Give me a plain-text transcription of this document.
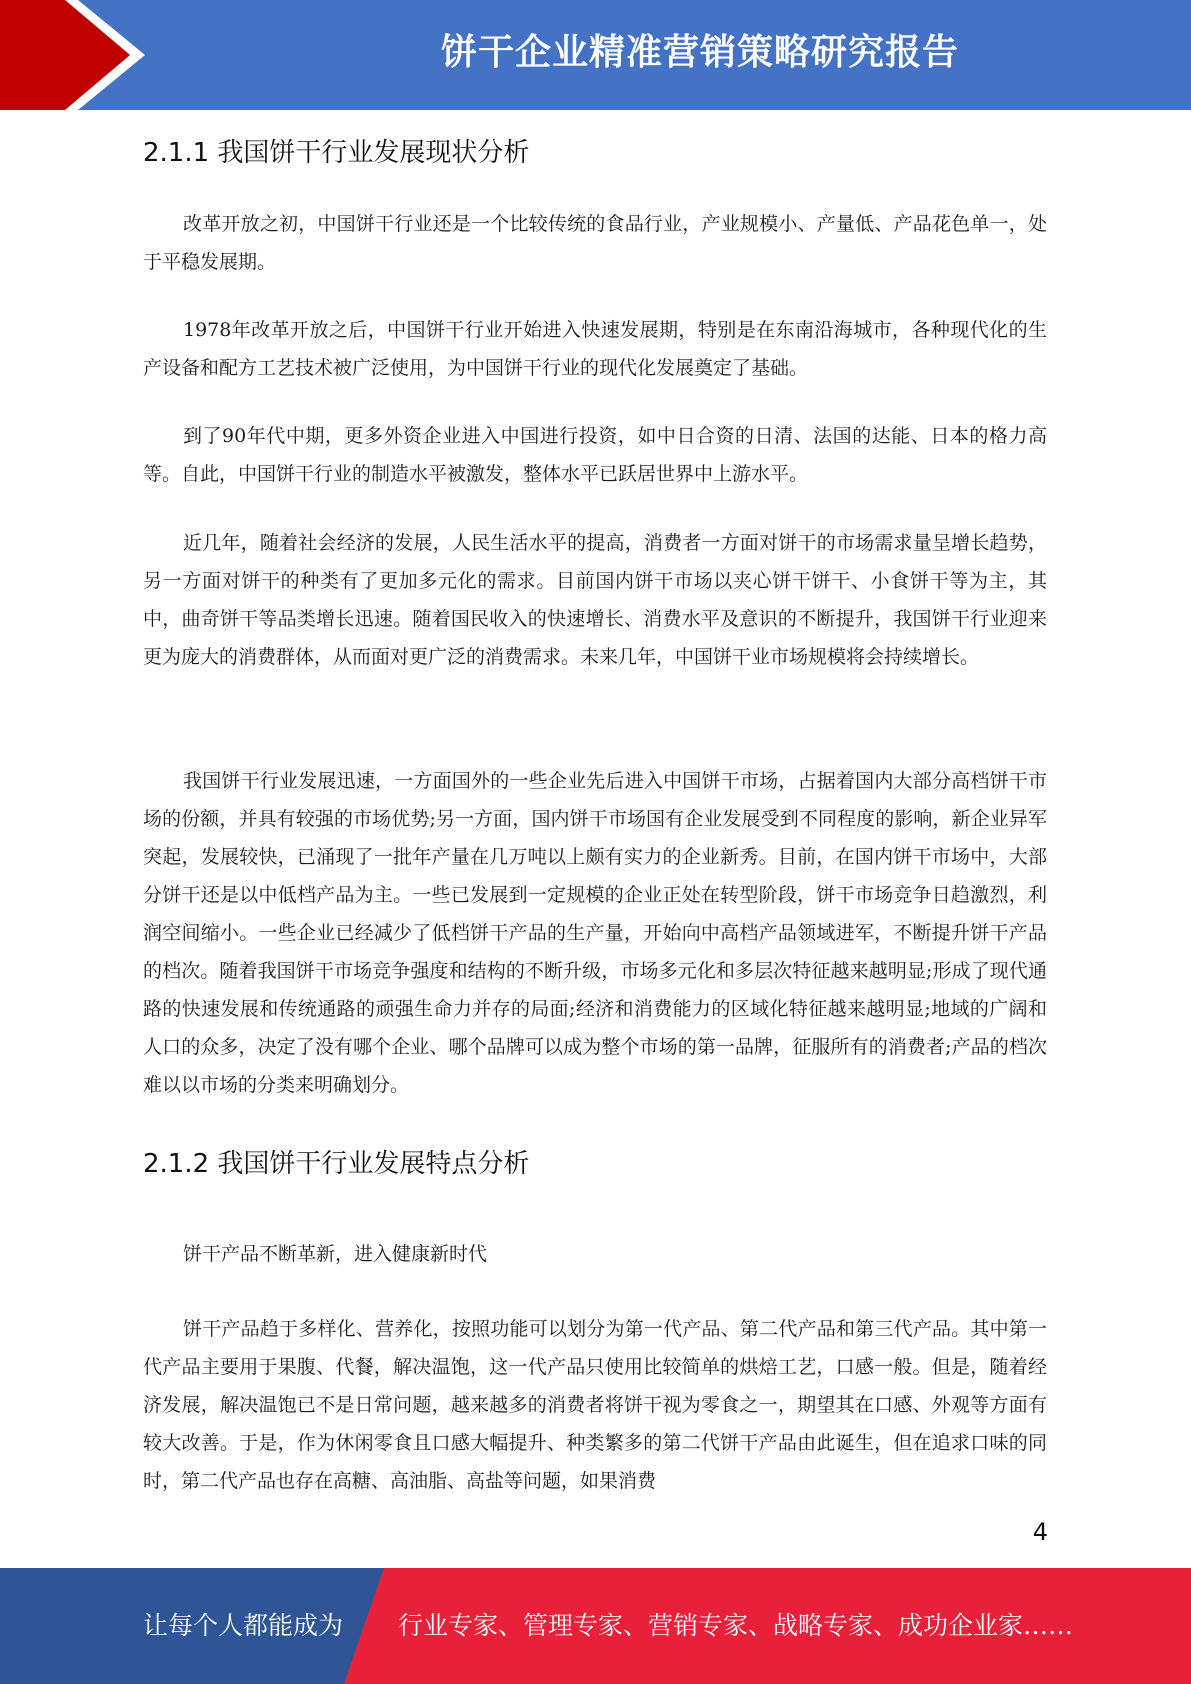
饼干企业精准营销策略研究报告
2.1.1 我国饼干行业发展现状分析

改革开放之初，中国饼干行业还是一个比较传统的食品行业，产业规模小、产量低、产品花色单一，处于平稳发展期。

1978年改革开放之后，中国饼干行业开始进入快速发展期，特别是在东南沿海城市，各种现代化的生产设备和配方工艺技术被广泛使用，为中国饼干行业的现代化发展奠定了基础。

到了90年代中期，更多外资企业进入中国进行投资，如中日合资的日清、法国的达能、日本的格力高等。自此，中国饼干行业的制造水平被激发，整体水平已跃居世界中上游水平。

近几年，随着社会经济的发展，人民生活水平的提高，消费者一方面对饼干的市场需求量呈增长趋势，另一方面对饼干的种类有了更加多元化的需求。目前国内饼干市场以夹心饼干饼干、小食饼干等为主，其中，曲奇饼干等品类增长迅速。随着国民收入的快速增长、消费水平及意识的不断提升，我国饼干行业迎来更为庞大的消费群体，从而面对更广泛的消费需求。未来几年，中国饼干业市场规模将会持续增长。

我国饼干行业发展迅速，一方面国外的一些企业先后进入中国饼干市场，占据着国内大部分高档饼干市场的份额，并具有较强的市场优势;另一方面，国内饼干市场国有企业发展受到不同程度的影响，新企业异军突起，发展较快，已涌现了一批年产量在几万吨以上颇有实力的企业新秀。目前，在国内饼干市场中，大部分饼干还是以中低档产品为主。一些已发展到一定规模的企业正处在转型阶段，饼干市场竞争日趋激烈，利润空间缩小。一些企业已经减少了低档饼干产品的生产量，开始向中高档产品领域进军，不断提升饼干产品的档次。随着我国饼干市场竞争强度和结构的不断升级，市场多元化和多层次特征越来越明显;形成了现代通路的快速发展和传统通路的顽强生命力并存的局面;经济和消费能力的区域化特征越来越明显;地域的广阔和人口的众多，决定了没有哪个企业、哪个品牌可以成为整个市场的第一品牌，征服所有的消费者;产品的档次难以以市场的分类来明确划分。

2.1.2 我国饼干行业发展特点分析

饼干产品不断革新，进入健康新时代

饼干产品趋于多样化、营养化，按照功能可以划分为第一代产品、第二代产品和第三代产品。其中第一代产品主要用于果腹、代餐，解决温饱，这一代产品只使用比较简单的烘焙工艺，口感一般。但是，随着经济发展，解决温饱已不是日常问题，越来越多的消费者将饼干视为零食之一，期望其在口感、外观等方面有较大改善。于是，作为休闲零食且口感大幅提升、种类繁多的第二代饼干产品由此诞生，但在追求口味的同时，第二代产品也存在高糖、高油脂、高盐等问题，如果消费

4
让每个人都能成为 行业专家、管理专家、营销专家、战略专家、成功企业家……
